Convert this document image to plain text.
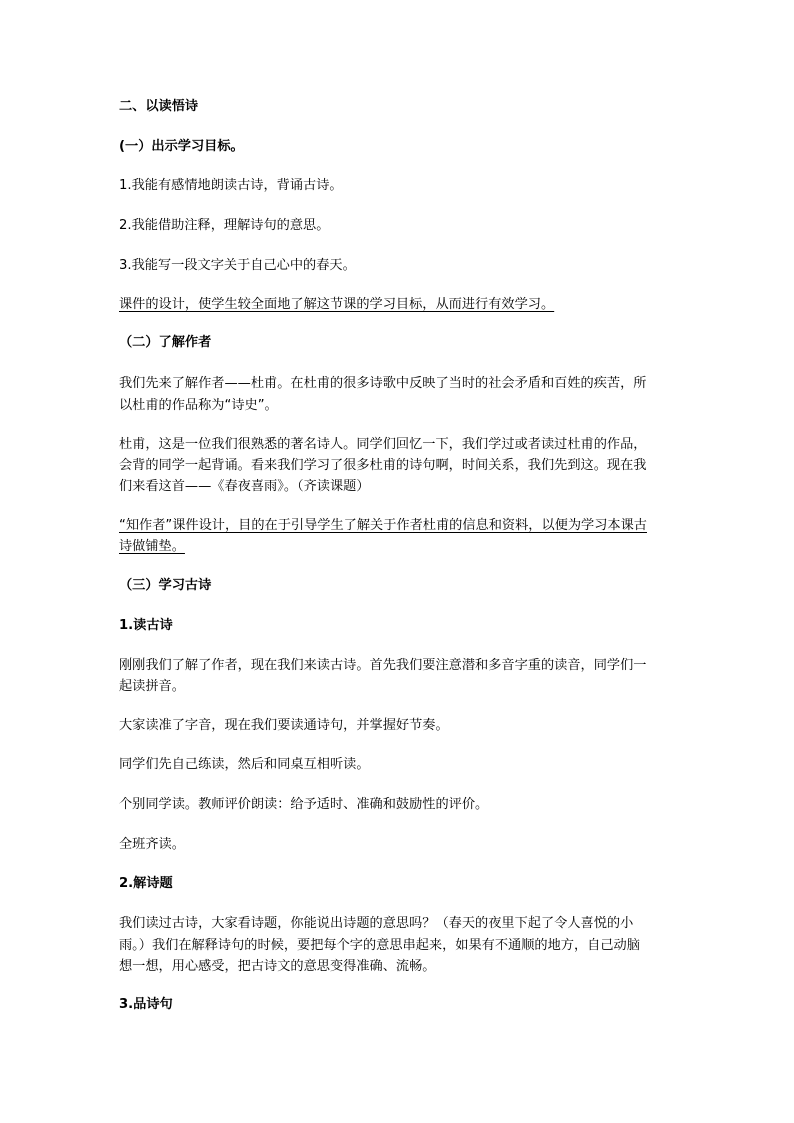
二、以读悟诗
(一）出示学习目标。
1.我能有感情地朗读古诗，背诵古诗。
2.我能借助注释，理解诗句的意思。
3.我能写一段文字关于自己心中的春天。
课件的设计，使学生较全面地了解这节课的学习目标，从而进行有效学习。
（二）了解作者
我们先来了解作者——杜甫。在杜甫的很多诗歌中反映了当时的社会矛盾和百姓的疾苦，所
以杜甫的作品称为“诗史”。
杜甫，这是一位我们很熟悉的著名诗人。同学们回忆一下，我们学过或者读过杜甫的作品，
会背的同学一起背诵。看来我们学习了很多杜甫的诗句啊，时间关系，我们先到这。现在我
们来看这首——《春夜喜雨》。（齐读课题）
“知作者”课件设计，目的在于引导学生了解关于作者杜甫的信息和资料，以便为学习本课古
诗做铺垫。
（三）学习古诗
1.读古诗
刚刚我们了解了作者，现在我们来读古诗。首先我们要注意潜和多音字重的读音，同学们一
起读拼音。
大家读准了字音，现在我们要读通诗句，并掌握好节奏。
同学们先自己练读，然后和同桌互相听读。
个别同学读。教师评价朗读：给予适时、准确和鼓励性的评价。
全班齐读。
2.解诗题
我们读过古诗，大家看诗题，你能说出诗题的意思吗？（春天的夜里下起了令人喜悦的小
雨。）我们在解释诗句的时候，要把每个字的意思串起来，如果有不通顺的地方，自己动脑
想一想，用心感受，把古诗文的意思变得准确、流畅。
3.品诗句
